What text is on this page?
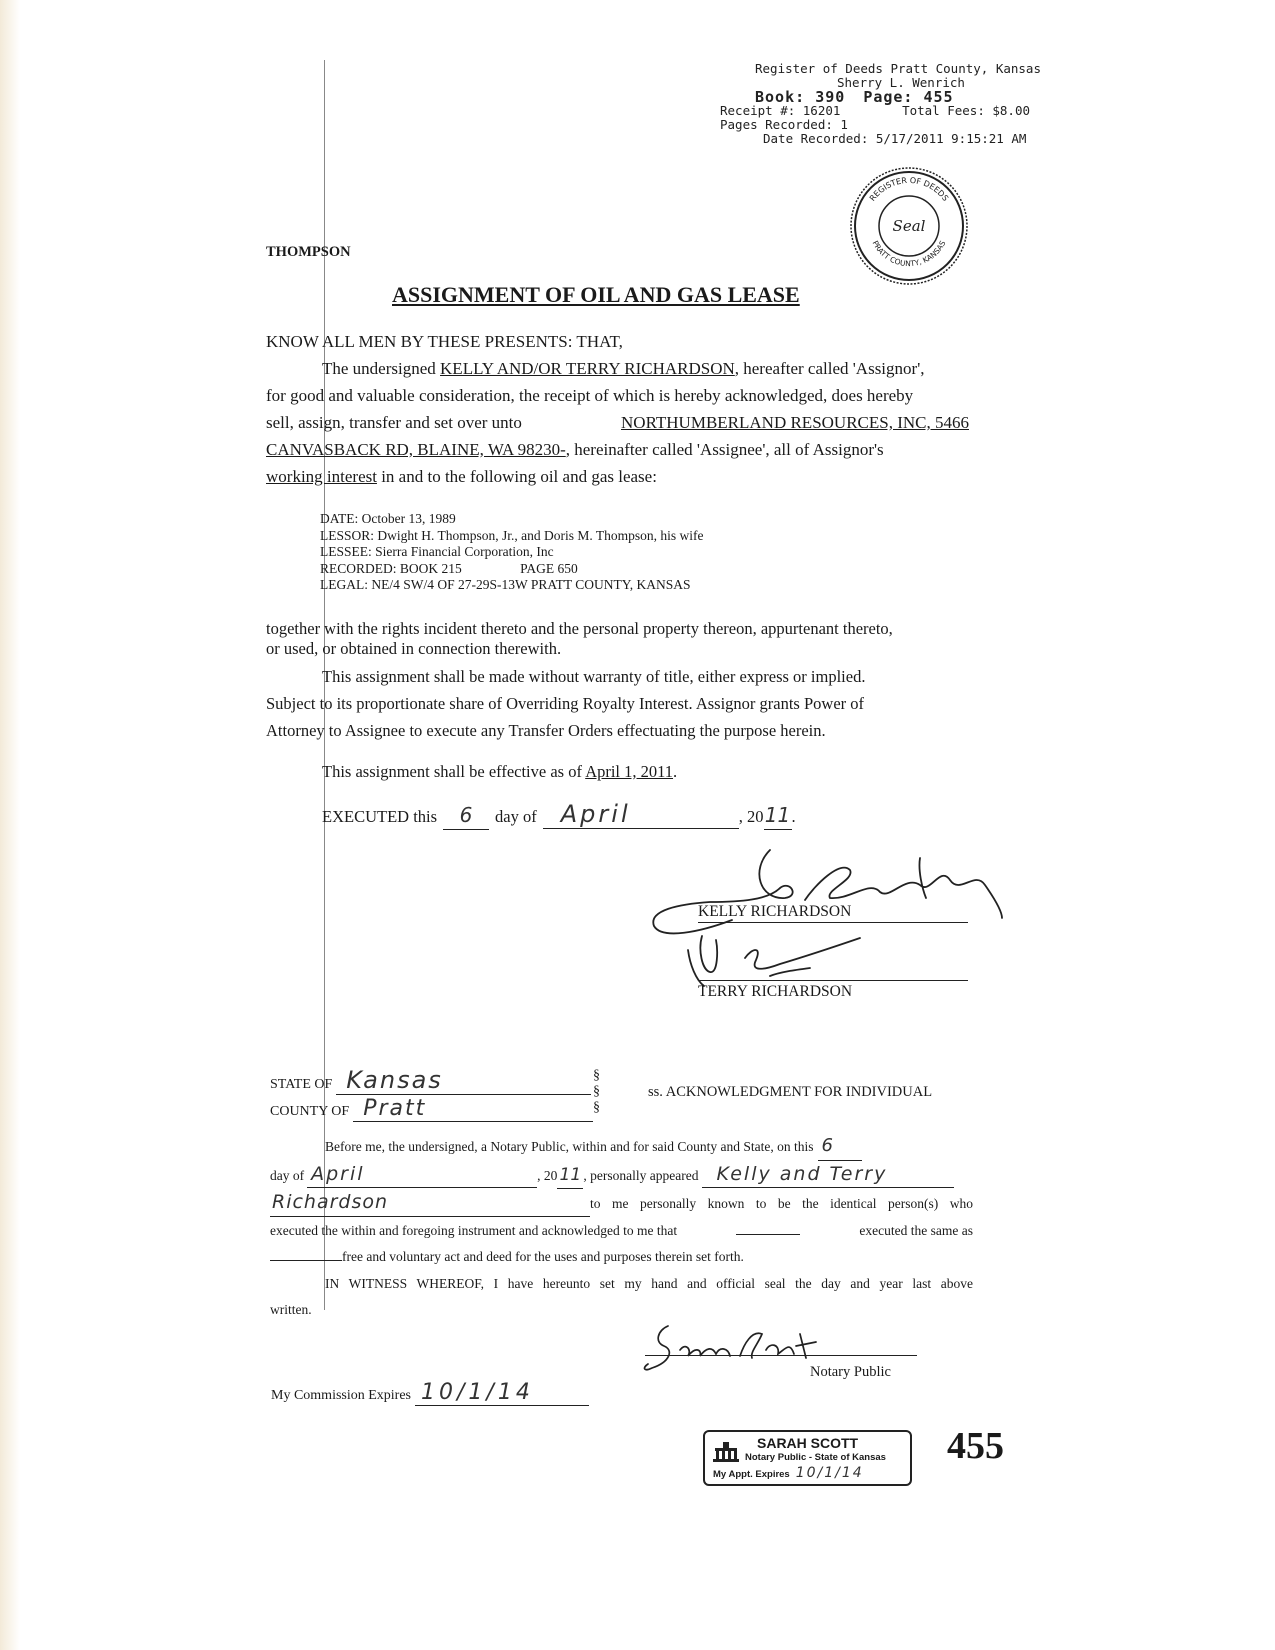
Register of Deeds Pratt County, Kansas
Sherry L. Wenrich
Book: 390 Page: 455
Receipt #: 16201	Total Fees: $8.00
Pages Recorded: 1
Date Recorded: 5/17/2011 9:15:21 AM
REGISTER OF DEEDS
Seal
PRATT COUNTY, KANSAS
THOMPSON
ASSIGNMENT OF OIL AND GAS LEASE
KNOW ALL MEN BY THESE PRESENTS: THAT,
The undersigned KELLY AND/OR TERRY RICHARDSON, hereafter called 'Assignor',
for good and valuable consideration, the receipt of which is hereby acknowledged, does hereby
sell, assign, transfer and set over unto	NORTHUMBERLAND RESOURCES, INC, 5466
CANVASBACK RD, BLAINE, WA 98230-, hereinafter called 'Assignee', all of Assignor's
working interest in and to the following oil and gas lease:
DATE: October 13, 1989
LESSOR: Dwight H. Thompson, Jr., and Doris M. Thompson, his wife
LESSEE: Sierra Financial Corporation, Inc
RECORDED: BOOK 215	PAGE 650
LEGAL: NE/4 SW/4 OF 27-29S-13W PRATT COUNTY, KANSAS
together with the rights incident thereto and the personal property thereon, appurtenant thereto,
or used, or obtained in connection therewith.
This assignment shall be made without warranty of title, either express or implied.
Subject to its proportionate share of Overriding Royalty Interest. Assignor grants Power of
Attorney to Assignee to execute any Transfer Orders effectuating the purpose herein.
This assignment shall be effective as of April 1, 2011.
EXECUTED this	6	day of	April	, 20 11 .
KELLY RICHARDSON
TERRY RICHARDSON
STATE OF Kansas
COUNTY OF Pratt
§
§
§
ss. ACKNOWLEDGMENT FOR INDIVIDUAL
Before me, the undersigned, a Notary Public, within and for said County and State, on this 6
day of April	, 20 11 , personally appeared Kelly and Terry
Richardson	to me personally known to be the identical person(s) who
executed the within and foregoing instrument and acknowledged to me that	executed the same as
free and voluntary act and deed for the uses and purposes therein set forth.
IN WITNESS WHEREOF, I have hereunto set my hand and official seal the day and year last above
written.
Notary Public
My Commission Expires 10/1/14
SARAH SCOTT
Notary Public - State of Kansas
My Appt. Expires 10/1/14
455
